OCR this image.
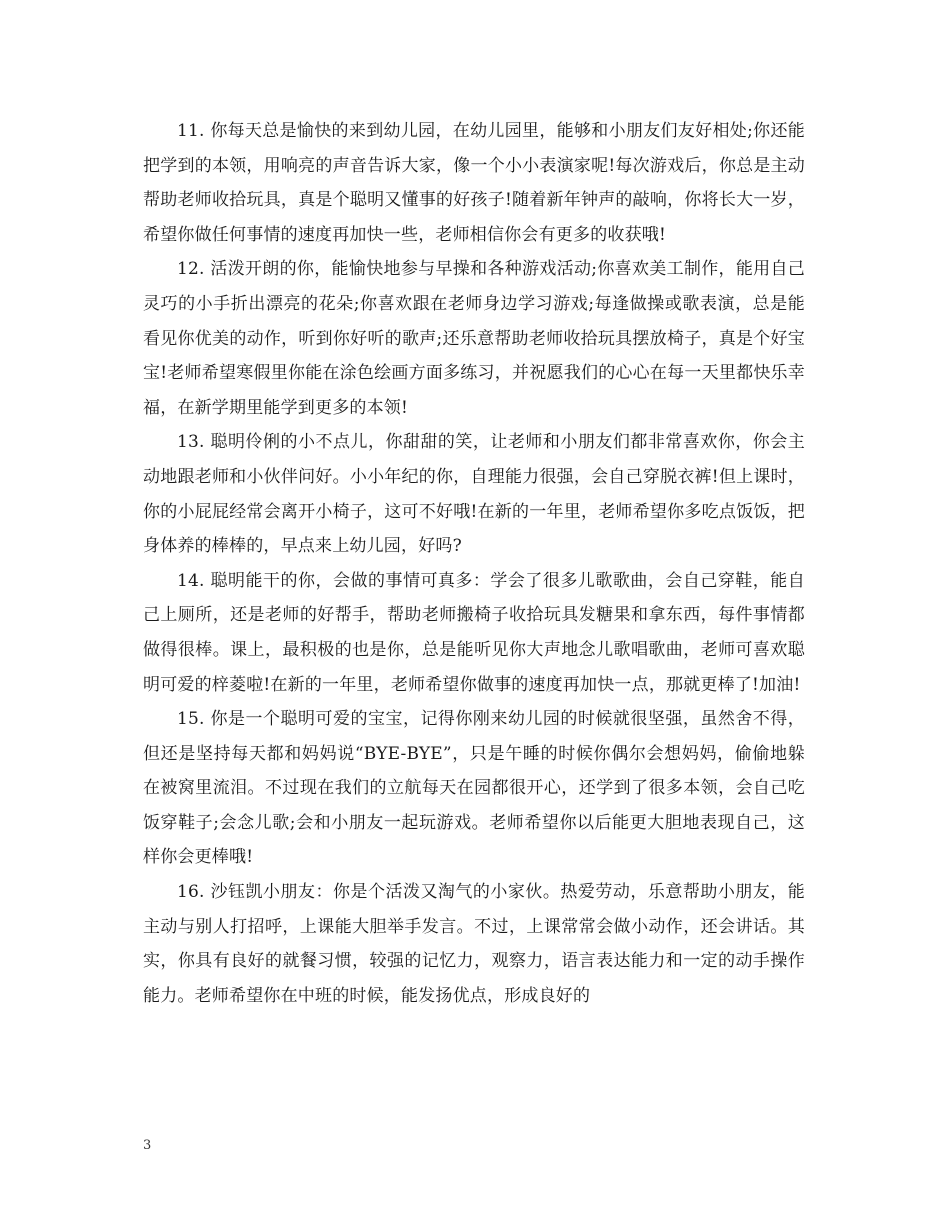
11. 你每天总是愉快的来到幼儿园，在幼儿园里，能够和小朋友们友好相处;你还能把学到的本领，用响亮的声音告诉大家，像一个小小表演家呢!每次游戏后，你总是主动帮助老师收拾玩具，真是个聪明又懂事的好孩子!随着新年钟声的敲响，你将长大一岁，希望你做任何事情的速度再加快一些，老师相信你会有更多的收获哦!

12. 活泼开朗的你，能愉快地参与早操和各种游戏活动;你喜欢美工制作，能用自己灵巧的小手折出漂亮的花朵;你喜欢跟在老师身边学习游戏;每逢做操或歌表演，总是能看见你优美的动作，听到你好听的歌声;还乐意帮助老师收拾玩具摆放椅子，真是个好宝宝!老师希望寒假里你能在涂色绘画方面多练习，并祝愿我们的心心在每一天里都快乐幸福，在新学期里能学到更多的本领!

13. 聪明伶俐的小不点儿，你甜甜的笑，让老师和小朋友们都非常喜欢你，你会主动地跟老师和小伙伴问好。小小年纪的你，自理能力很强，会自己穿脱衣裤!但上课时，你的小屁屁经常会离开小椅子，这可不好哦!在新的一年里，老师希望你多吃点饭饭，把身体养的棒棒的，早点来上幼儿园，好吗?

14. 聪明能干的你，会做的事情可真多：学会了很多儿歌歌曲，会自己穿鞋，能自己上厕所，还是老师的好帮手，帮助老师搬椅子收拾玩具发糖果和拿东西，每件事情都做得很棒。课上，最积极的也是你，总是能听见你大声地念儿歌唱歌曲，老师可喜欢聪明可爱的梓菱啦!在新的一年里，老师希望你做事的速度再加快一点，那就更棒了!加油!

15. 你是一个聪明可爱的宝宝，记得你刚来幼儿园的时候就很坚强，虽然舍不得，但还是坚持每天都和妈妈说“BYE-BYE”，只是午睡的时候你偶尔会想妈妈，偷偷地躲在被窝里流泪。不过现在我们的立航每天在园都很开心，还学到了很多本领，会自己吃饭穿鞋子;会念儿歌;会和小朋友一起玩游戏。老师希望你以后能更大胆地表现自己，这样你会更棒哦!

16. 沙钰凯小朋友：你是个活泼又淘气的小家伙。热爱劳动，乐意帮助小朋友，能主动与别人打招呼，上课能大胆举手发言。不过，上课常常会做小动作，还会讲话。其实，你具有良好的就餐习惯，较强的记忆力，观察力，语言表达能力和一定的动手操作能力。老师希望你在中班的时候，能发扬优点，形成良好的

3
